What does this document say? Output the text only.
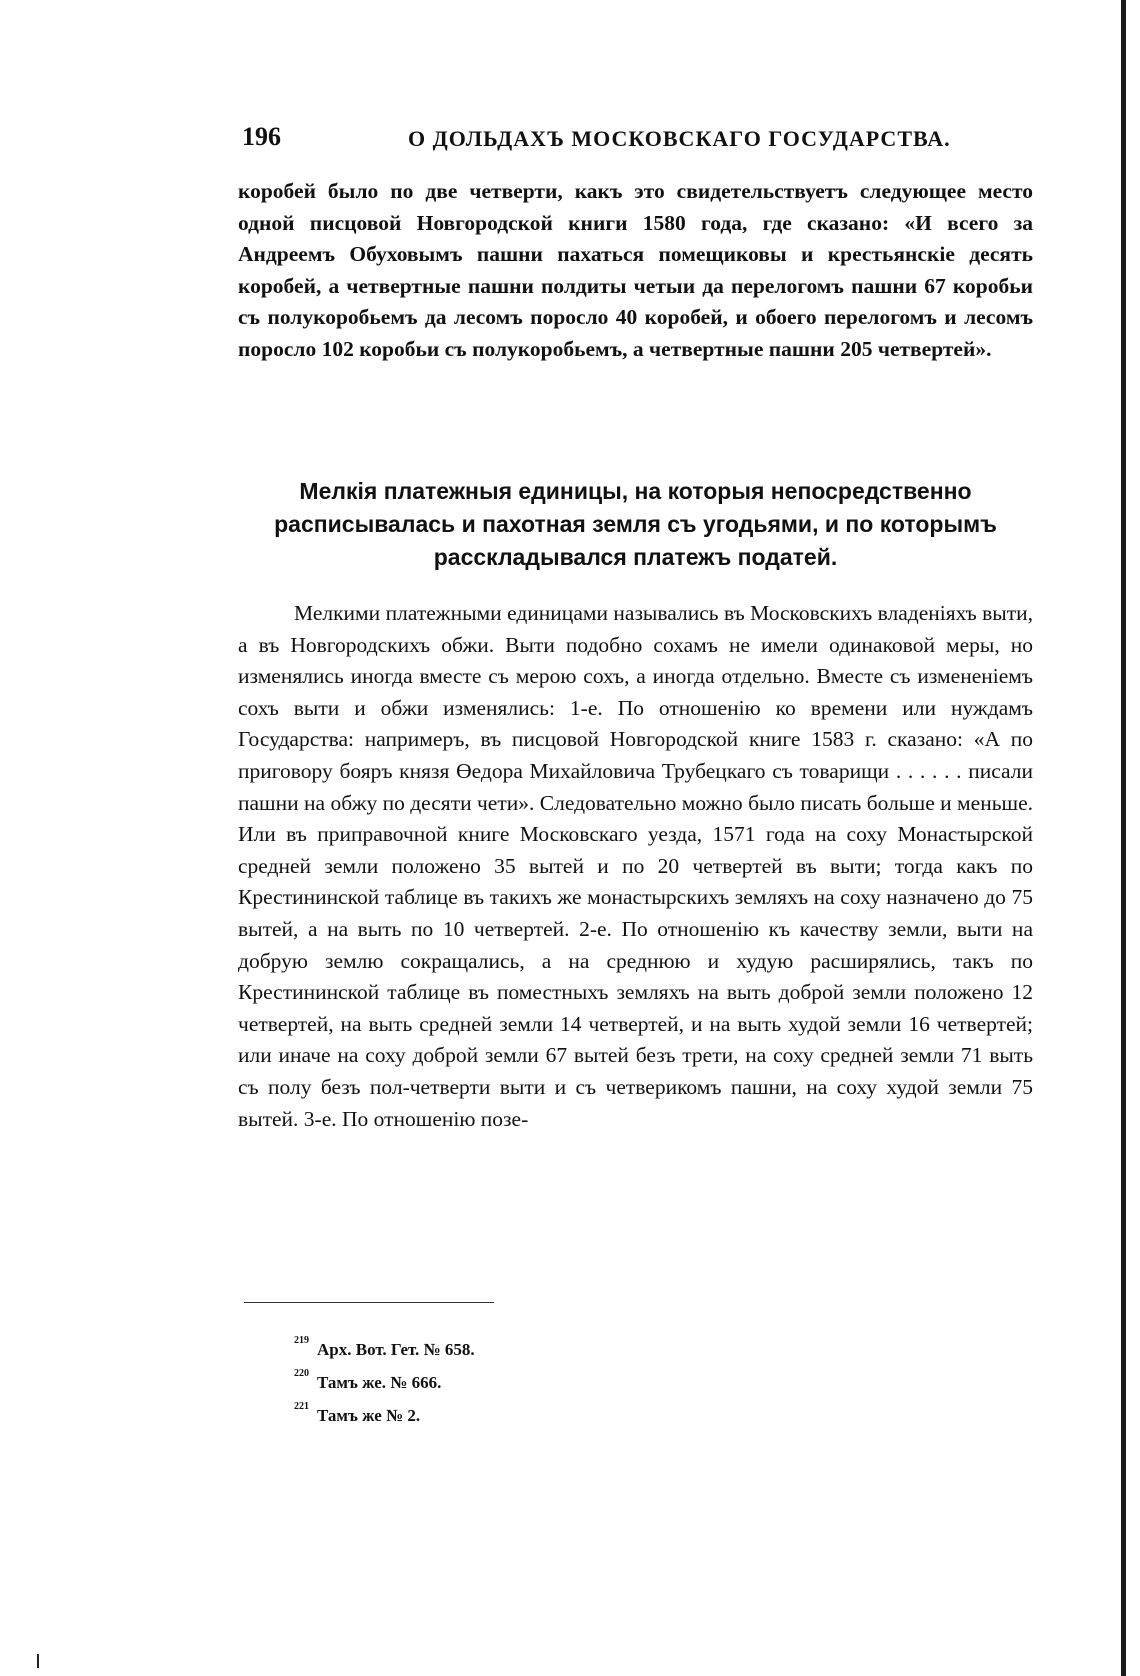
196	О ДОЛЬДАХЪ МОСКОВСКАГО ГОСУДАРСТВА.

коробей было по две четверти, какъ это свидетельствуетъ следующее место одной писцовой Новгородской книги 1580 года, где сказано: «И всего за Андреемъ Обуховымъ пашни пахаться помещиковы и крестьянскiе десять коробей, а четвертные пашни полдиты четыи да перелогомъ пашни 67 коробьи съ полукоробьемъ да лесомъ поросло 40 коробей, и обоего перелогомъ и лесомъ поросло 102 коробьи съ полукоробьемъ, а четвертные пашни 205 четвертей».

Мелкiя платежныя единицы, на которыя непосредственно расписывалась и пахотная земля съ угодьями, и по которымъ расскладывался платежъ податей.

Мелкими платежными единицами назывались въ Московскихъ владенiяхъ выти, а въ Новгородскихъ обжи. Выти подобно сохамъ не имели одинаковой меры, но изменялись иногда вместе съ мерою сохъ, а иногда отдельно. Вместе съ измененiемъ сохъ выти и обжи изменялись: 1-е. По отношенiю ко времени или нуждамъ Государства: напримеръ, въ писцовой Новгородской книге 1583 г. сказано: «А по приговору бояръ князя Өедора Михайловича Трубецкаго съ товарищи . . . . . . писали пашни на обжу по десяти чети». Следовательно можно было писать больше и меньше. Или въ приправочной книге Московскаго уезда, 1571 года на соху Монастырской средней земли положено 35 вытей и по 20 четвертей въ выти; тогда какъ по Крестининской таблице въ такихъ же монастырскихъ земляхъ на соху назначено до 75 вытей, а на выть по 10 четвертей. 2-е. По отношенiю къ качеству земли, выти на добрую землю сокращались, а на среднюю и худую расширялись, такъ по Крестининской таблице въ поместныхъ земляхъ на выть доброй земли положено 12 четвертей, на выть средней земли 14 четвертей, и на выть худой земли 16 четвертей; или иначе на соху доброй земли 67 вытей безъ трети, на соху средней земли 71 выть съ полу безъ пол-четверти выти и съ четверикомъ пашни, на соху худой земли 75 вытей. 3-е. По отношенiю позе-

219 Арх. Вот. Гет. № 658.
220 Тамъ же. № 666.
221 Тамъ же № 2.
